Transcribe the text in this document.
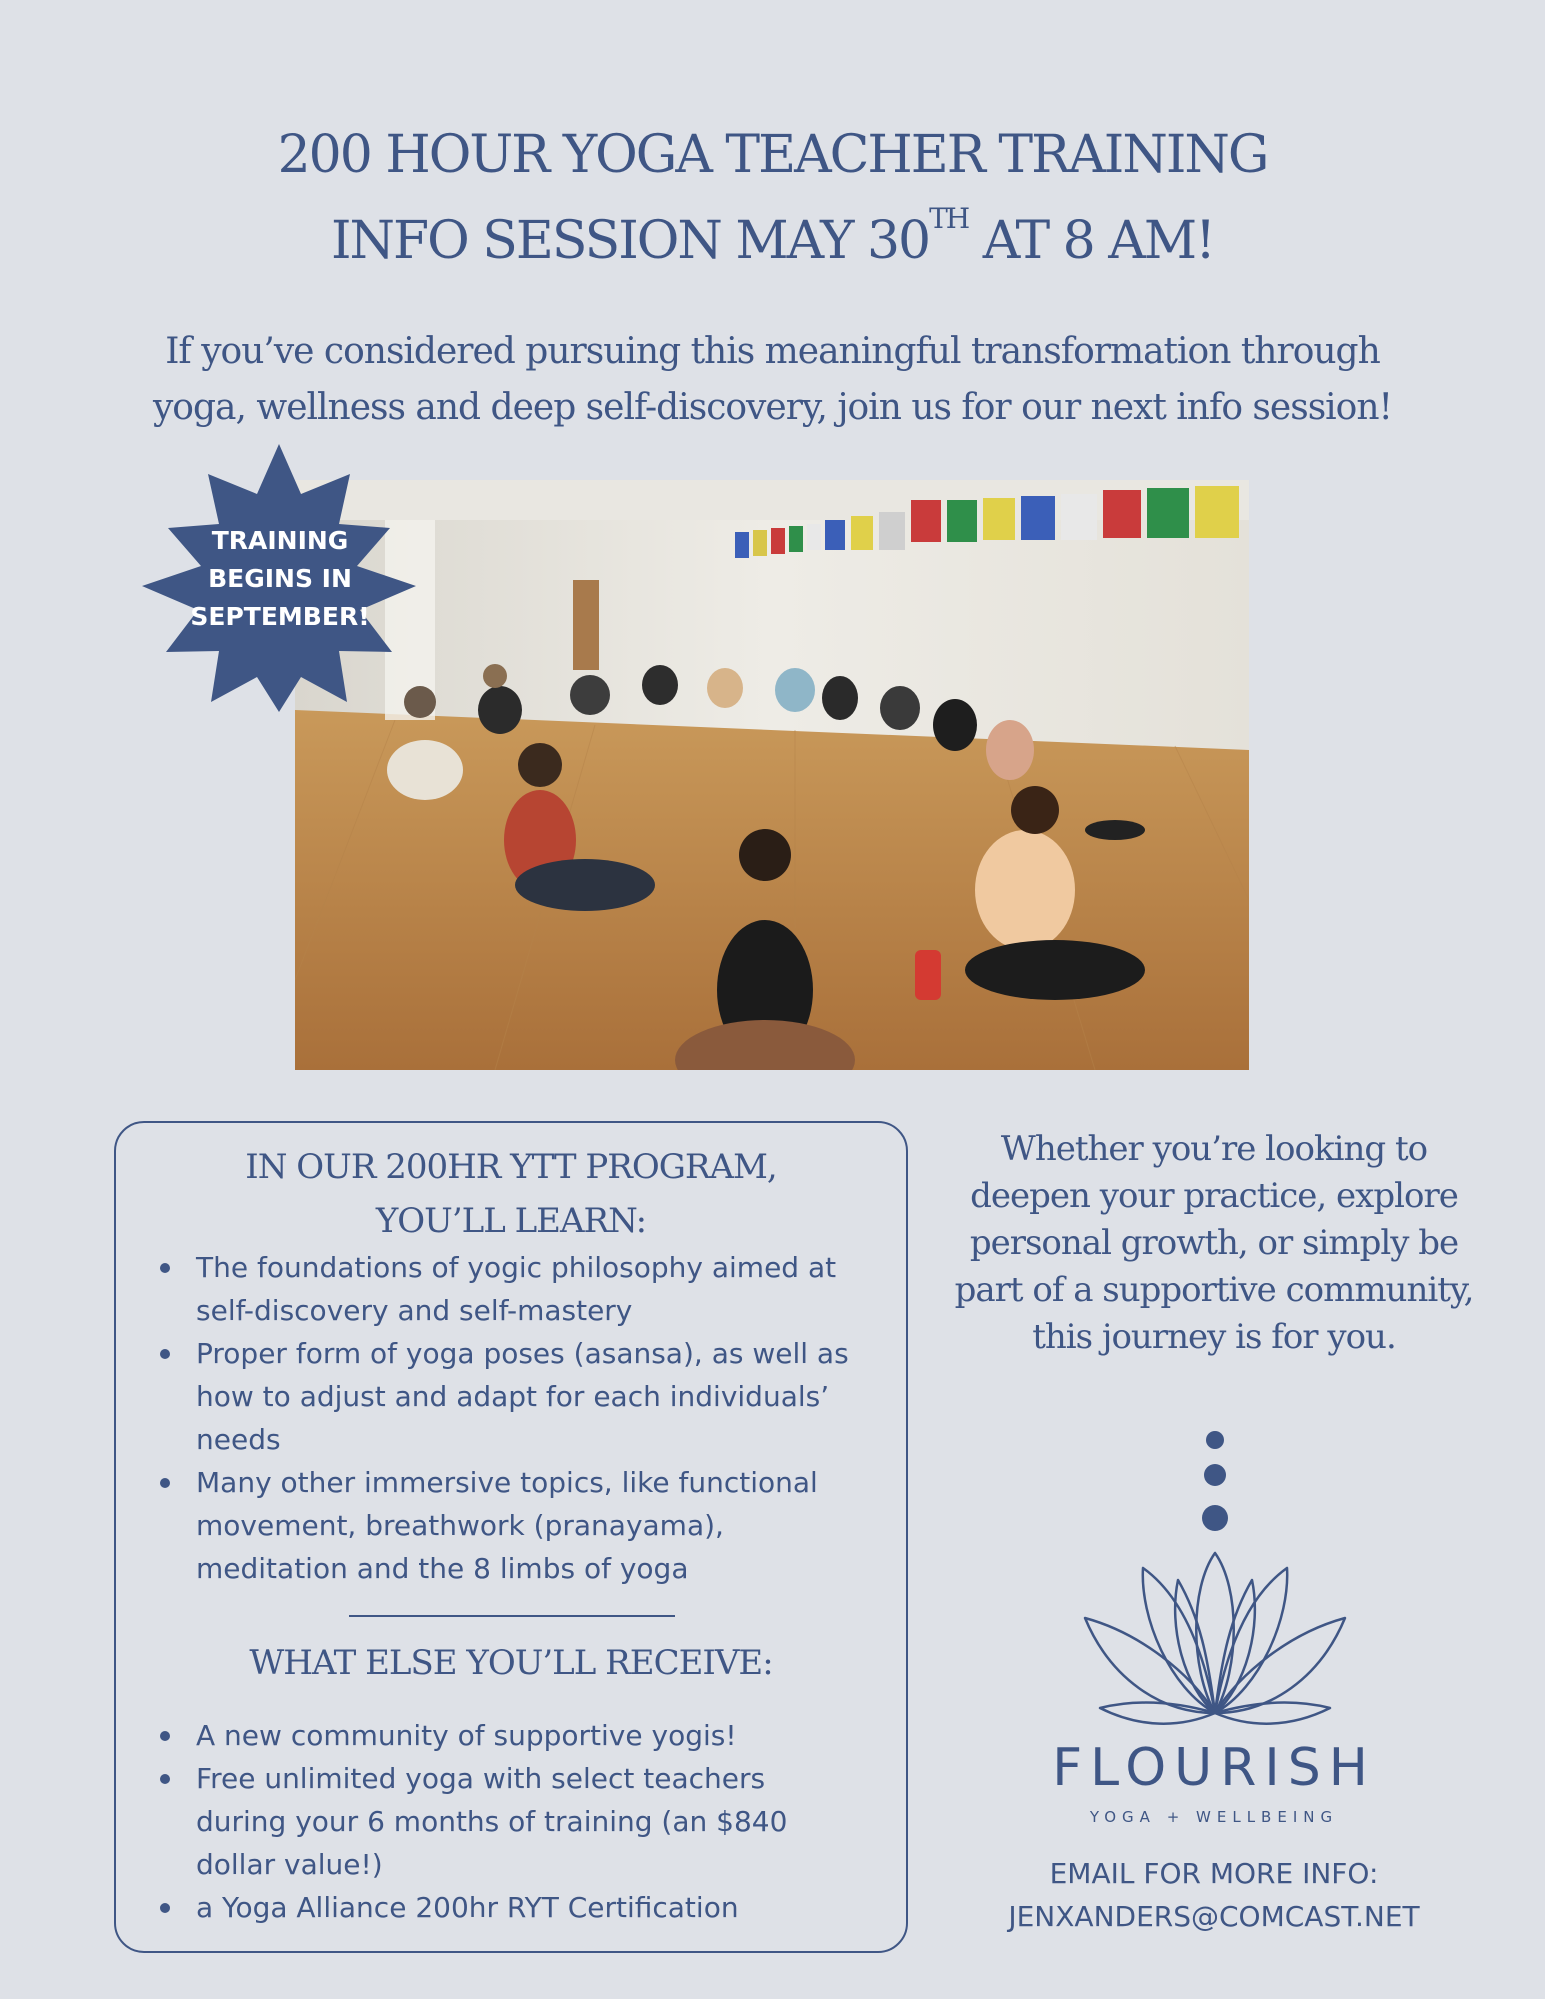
200 HOUR YOGA TEACHER TRAINING
INFO SESSION MAY 30TH AT 8 AM!

If you’ve considered pursuing this meaningful transformation through
yoga, wellness and deep self-discovery, join us for our next info session!

TRAINING
BEGINS IN
SEPTEMBER!
IN OUR 200HR YTT PROGRAM,
YOU’LL LEARN:
The foundations of yogic philosophy aimed at
self-discovery and self-mastery
Proper form of yoga poses (asansa), as well as
how to adjust and adapt for each individuals’
needs
Many other immersive topics, like functional
movement, breathwork (pranayama),
meditation and the 8 limbs of yoga
WHAT ELSE YOU’LL RECEIVE:
A new community of supportive yogis!
Free unlimited yoga with select teachers
during your 6 months of training (an $840
dollar value!)
a Yoga Alliance 200hr RYT Certification

Whether you’re looking to
deepen your practice, explore
personal growth, or simply be
part of a supportive community,
this journey is for you.

FLOURISH
YOGA + WELLBEING
EMAIL FOR MORE INFO:
JENXANDERS@COMCAST.NET
